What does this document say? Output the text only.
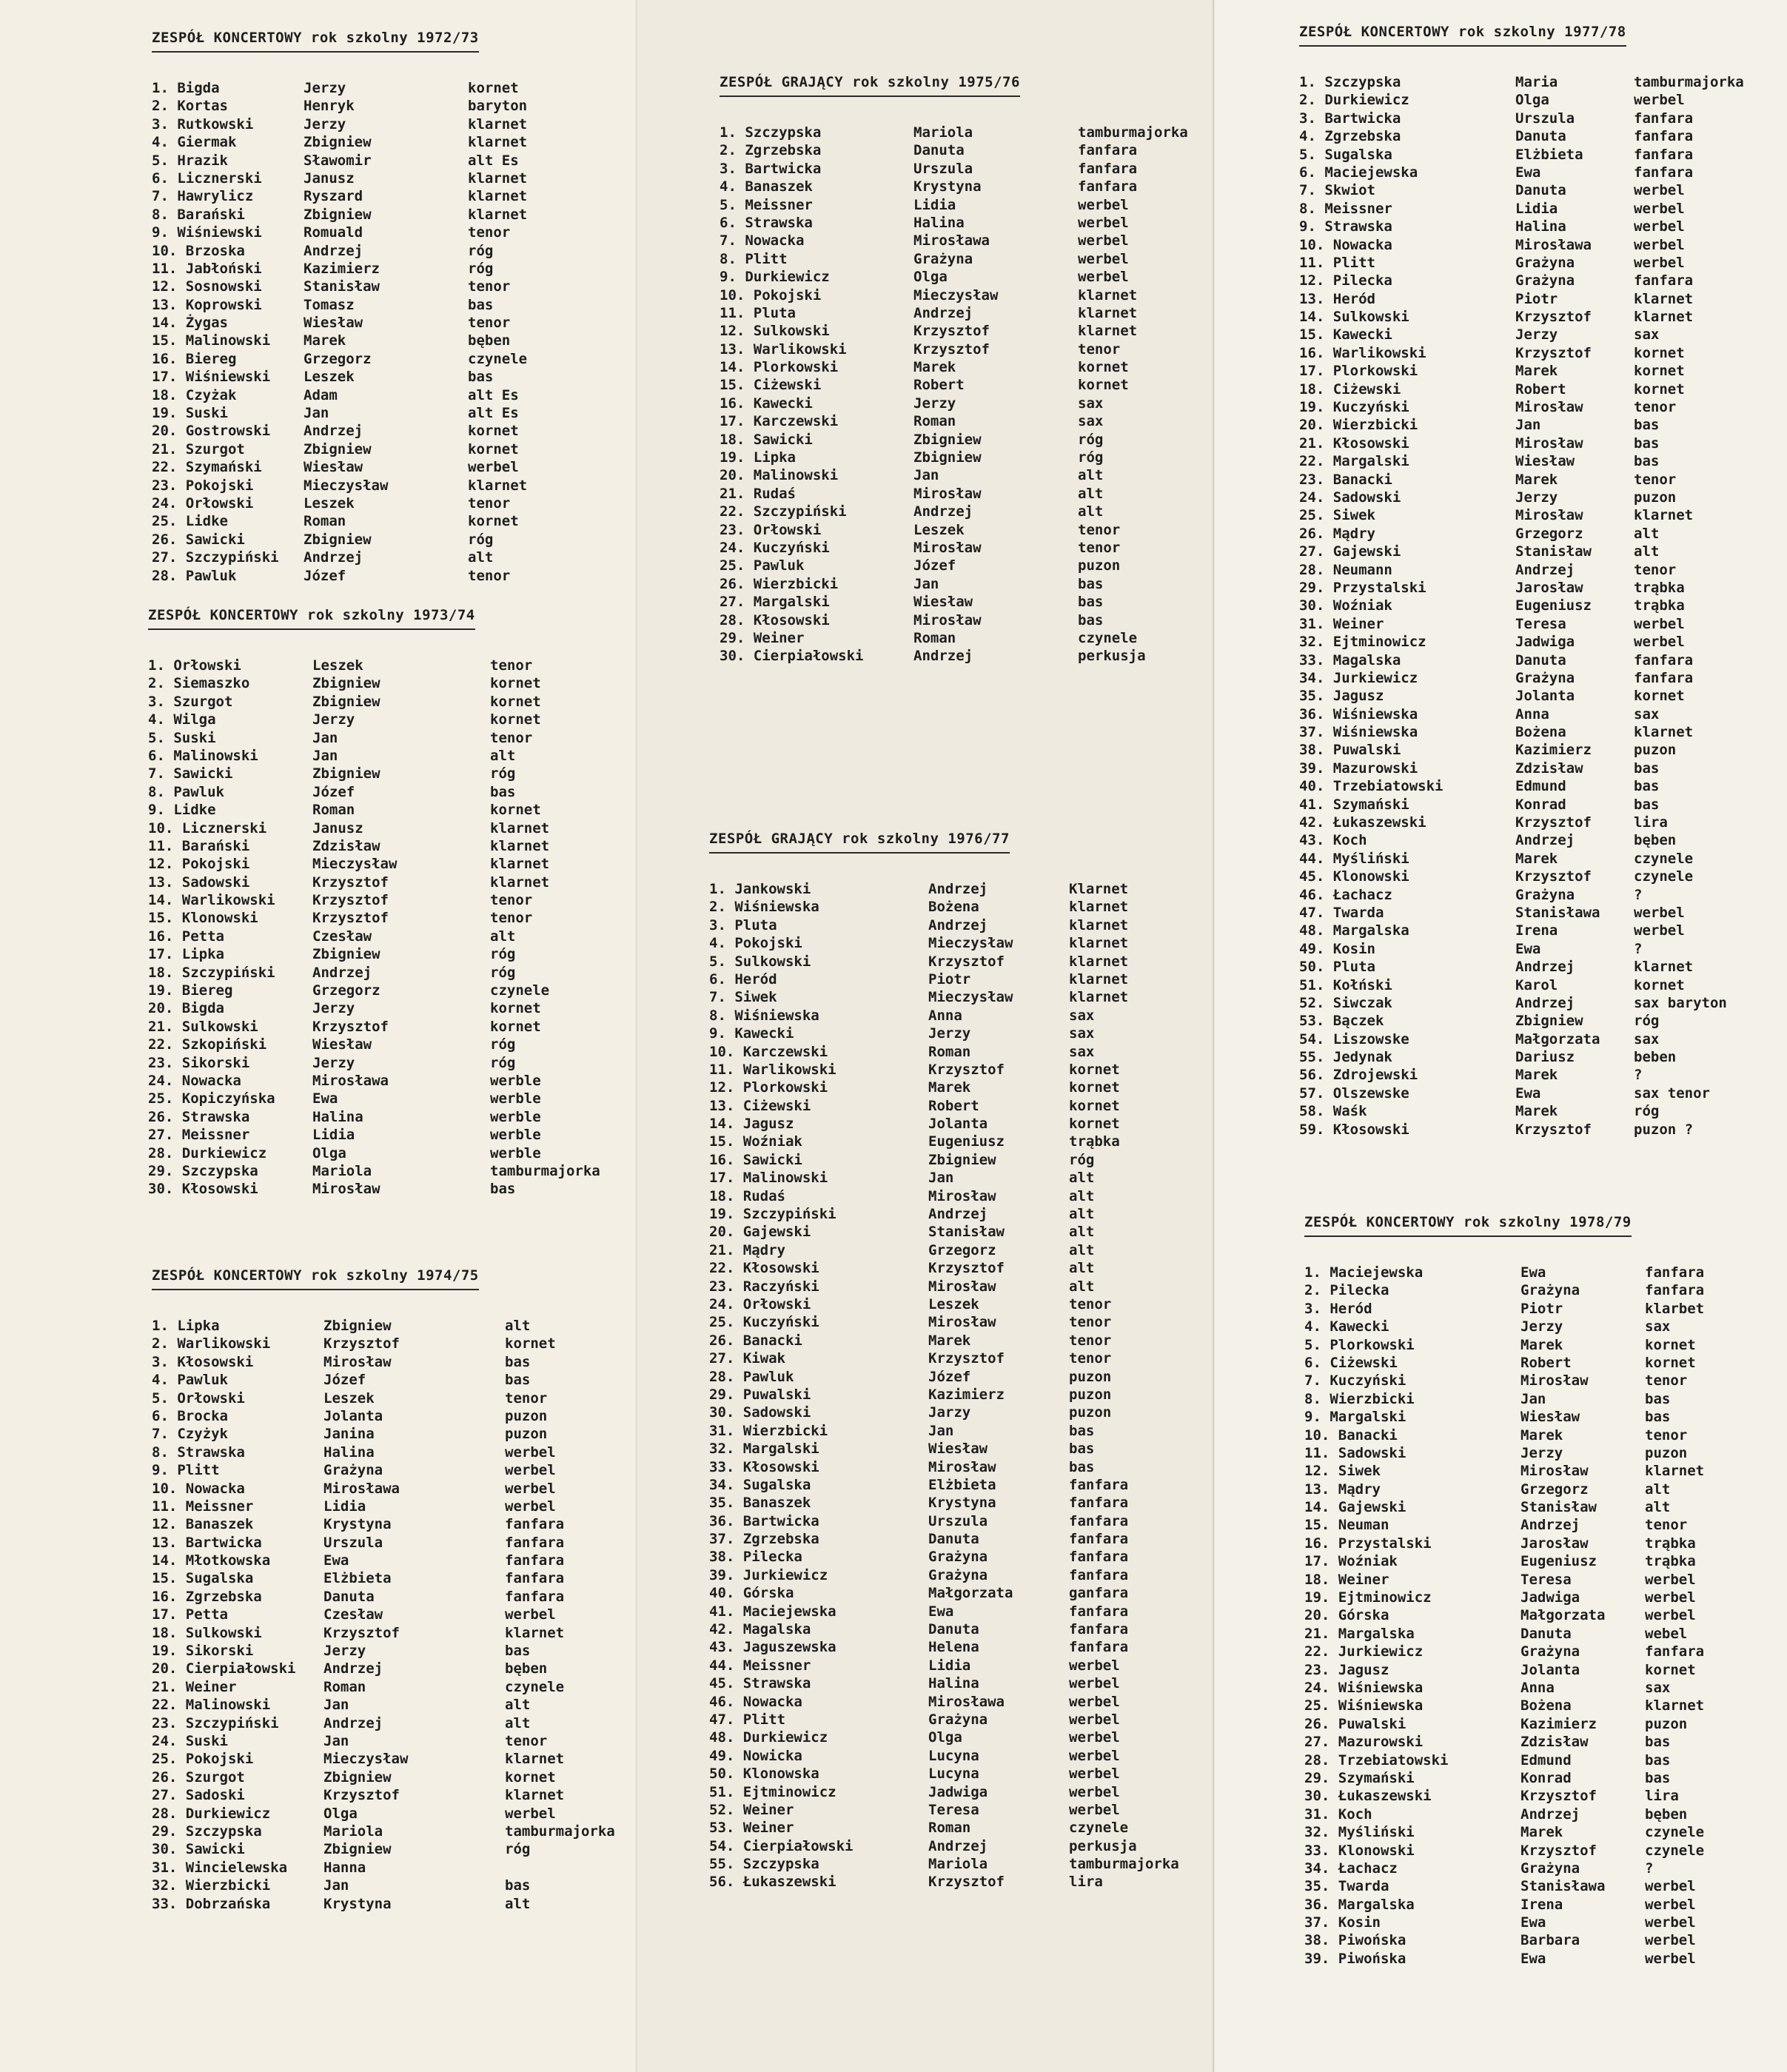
ZESPÓŁ KONCERTOWY rok szkolny 1972/73
1. Bigda	Jerzy	kornet
2. Kortas	Henryk	baryton
3. Rutkowski	Jerzy	klarnet
4. Giermak	Zbigniew	klarnet
5. Hrazik	Sławomir	alt Es
6. Licznerski	Janusz	klarnet
7. Hawrylicz	Ryszard	klarnet
8. Barański	Zbigniew	klarnet
9. Wiśniewski	Romuald	tenor
10. Brzoska	Andrzej	róg
11. Jabłoński	Kazimierz	róg
12. Sosnowski	Stanisław	tenor
13. Koprowski	Tomasz	bas
14. Żygas	Wiesław	tenor
15. Malinowski	Marek	bęben
16. Biereg	Grzegorz	czynele
17. Wiśniewski	Leszek	bas
18. Czyżak	Adam	alt Es
19. Suski	Jan	alt Es
20. Gostrowski	Andrzej	kornet
21. Szurgot	Zbigniew	kornet
22. Szymański	Wiesław	werbel
23. Pokojski	Mieczysław	klarnet
24. Orłowski	Leszek	tenor
25. Lidke	Roman	kornet
26. Sawicki	Zbigniew	róg
27. Szczypiński	Andrzej	alt
28. Pawluk	Józef	tenor
ZESPÓŁ KONCERTOWY rok szkolny 1973/74
1. Orłowski	Leszek	tenor
2. Siemaszko	Zbigniew	kornet
3. Szurgot	Zbigniew	kornet
4. Wilga	Jerzy	kornet
5. Suski	Jan	tenor
6. Malinowski	Jan	alt
7. Sawicki	Zbigniew	róg
8. Pawluk	Józef	bas
9. Lidke	Roman	kornet
10. Licznerski	Janusz	klarnet
11. Barański	Zdzisław	klarnet
12. Pokojski	Mieczysław	klarnet
13. Sadowski	Krzysztof	klarnet
14. Warlikowski	Krzysztof	tenor
15. Klonowski	Krzysztof	tenor
16. Petta	Czesław	alt
17. Lipka	Zbigniew	róg
18. Szczypiński	Andrzej	róg
19. Biereg	Grzegorz	czynele
20. Bigda	Jerzy	kornet
21. Sulkowski	Krzysztof	kornet
22. Szkopiński	Wiesław	róg
23. Sikorski	Jerzy	róg
24. Nowacka	Mirosława	werble
25. Kopiczyńska	Ewa	werble
26. Strawska	Halina	werble
27. Meissner	Lidia	werble
28. Durkiewicz	Olga	werble
29. Szczypska	Mariola	tamburmajorka
30. Kłosowski	Mirosław	bas
ZESPÓŁ KONCERTOWY rok szkolny 1974/75
1. Lipka	Zbigniew	alt
2. Warlikowski	Krzysztof	kornet
3. Kłosowski	Mirosław	bas
4. Pawluk	Józef	bas
5. Orłowski	Leszek	tenor
6. Brocka	Jolanta	puzon
7. Czyżyk	Janina	puzon
8. Strawska	Halina	werbel
9. Plitt	Grażyna	werbel
10. Nowacka	Mirosława	werbel
11. Meissner	Lidia	werbel
12. Banaszek	Krystyna	fanfara
13. Bartwicka	Urszula	fanfara
14. Młotkowska	Ewa	fanfara
15. Sugalska	Elżbieta	fanfara
16. Zgrzebska	Danuta	fanfara
17. Petta	Czesław	werbel
18. Sulkowski	Krzysztof	klarnet
19. Sikorski	Jerzy	bas
20. Cierpiałowski	Andrzej	bęben
21. Weiner	Roman	czynele
22. Malinowski	Jan	alt
23. Szczypiński	Andrzej	alt
24. Suski	Jan	tenor
25. Pokojski	Mieczysław	klarnet
26. Szurgot	Zbigniew	kornet
27. Sadoski	Krzysztof	klarnet
28. Durkiewicz	Olga	werbel
29. Szczypska	Mariola	tamburmajorka
30. Sawicki	Zbigniew	róg
31. Wincielewska	Hanna
32. Wierzbicki	Jan	bas
33. Dobrzańska	Krystyna	alt
ZESPÓŁ GRAJĄCY rok szkolny 1975/76
1. Szczypska	Mariola	tamburmajorka
2. Zgrzebska	Danuta	fanfara
3. Bartwicka	Urszula	fanfara
4. Banaszek	Krystyna	fanfara
5. Meissner	Lidia	werbel
6. Strawska	Halina	werbel
7. Nowacka	Mirosława	werbel
8. Plitt	Grażyna	werbel
9. Durkiewicz	Olga	werbel
10. Pokojski	Mieczysław	klarnet
11. Pluta	Andrzej	klarnet
12. Sulkowski	Krzysztof	klarnet
13. Warlikowski	Krzysztof	tenor
14. Plorkowski	Marek	kornet
15. Ciżewski	Robert	kornet
16. Kawecki	Jerzy	sax
17. Karczewski	Roman	sax
18. Sawicki	Zbigniew	róg
19. Lipka	Zbigniew	róg
20. Malinowski	Jan	alt
21. Rudaś	Mirosław	alt
22. Szczypiński	Andrzej	alt
23. Orłowski	Leszek	tenor
24. Kuczyński	Mirosław	tenor
25. Pawluk	Józef	puzon
26. Wierzbicki	Jan	bas
27. Margalski	Wiesław	bas
28. Kłosowski	Mirosław	bas
29. Weiner	Roman	czynele
30. Cierpiałowski	Andrzej	perkusja
ZESPÓŁ GRAJĄCY rok szkolny 1976/77
1. Jankowski	Andrzej	Klarnet
2. Wiśniewska	Bożena	klarnet
3. Pluta	Andrzej	klarnet
4. Pokojski	Mieczysław	klarnet
5. Sulkowski	Krzysztof	klarnet
6. Heród	Piotr	klarnet
7. Siwek	Mieczysław	klarnet
8. Wiśniewska	Anna	sax
9. Kawecki	Jerzy	sax
10. Karczewski	Roman	sax
11. Warlikowski	Krzysztof	kornet
12. Plorkowski	Marek	kornet
13. Ciżewski	Robert	kornet
14. Jagusz	Jolanta	kornet
15. Woźniak	Eugeniusz	trąbka
16. Sawicki	Zbigniew	róg
17. Malinowski	Jan	alt
18. Rudaś	Mirosław	alt
19. Szczypiński	Andrzej	alt
20. Gajewski	Stanisław	alt
21. Mądry	Grzegorz	alt
22. Kłosowski	Krzysztof	alt
23. Raczyński	Mirosław	alt
24. Orłowski	Leszek	tenor
25. Kuczyński	Mirosław	tenor
26. Banacki	Marek	tenor
27. Kiwak	Krzysztof	tenor
28. Pawluk	Józef	puzon
29. Puwalski	Kazimierz	puzon
30. Sadowski	Jarzy	puzon
31. Wierzbicki	Jan	bas
32. Margalski	Wiesław	bas
33. Kłosowski	Mirosław	bas
34. Sugalska	Elżbieta	fanfara
35. Banaszek	Krystyna	fanfara
36. Bartwicka	Urszula	fanfara
37. Zgrzebska	Danuta	fanfara
38. Pilecka	Grażyna	fanfara
39. Jurkiewicz	Grażyna	fanfara
40. Górska	Małgorzata	ganfara
41. Maciejewska	Ewa	fanfara
42. Magalska	Danuta	fanfara
43. Jaguszewska	Helena	fanfara
44. Meissner	Lidia	werbel
45. Strawska	Halina	werbel
46. Nowacka	Mirosława	werbel
47. Plitt	Grażyna	werbel
48. Durkiewicz	Olga	werbel
49. Nowicka	Lucyna	werbel
50. Klonowska	Lucyna	werbel
51. Ejtminowicz	Jadwiga	werbel
52. Weiner	Teresa	werbel
53. Weiner	Roman	czynele
54. Cierpiałowski	Andrzej	perkusja
55. Szczypska	Mariola	tamburmajorka
56. Łukaszewski	Krzysztof	lira
ZESPÓŁ KONCERTOWY rok szkolny 1977/78
1. Szczypska	Maria	tamburmajorka
2. Durkiewicz	Olga	werbel
3. Bartwicka	Urszula	fanfara
4. Zgrzebska	Danuta	fanfara
5. Sugalska	Elżbieta	fanfara
6. Maciejewska	Ewa	fanfara
7. Skwiot	Danuta	werbel
8. Meissner	Lidia	werbel
9. Strawska	Halina	werbel
10. Nowacka	Mirosława	werbel
11. Plitt	Grażyna	werbel
12. Pilecka	Grażyna	fanfara
13. Heród	Piotr	klarnet
14. Sulkowski	Krzysztof	klarnet
15. Kawecki	Jerzy	sax
16. Warlikowski	Krzysztof	kornet
17. Plorkowski	Marek	kornet
18. Ciżewski	Robert	kornet
19. Kuczyński	Mirosław	tenor
20. Wierzbicki	Jan	bas
21. Kłosowski	Mirosław	bas
22. Margalski	Wiesław	bas
23. Banacki	Marek	tenor
24. Sadowski	Jerzy	puzon
25. Siwek	Mirosław	klarnet
26. Mądry	Grzegorz	alt
27. Gajewski	Stanisław	alt
28. Neumann	Andrzej	tenor
29. Przystalski	Jarosław	trąbka
30. Woźniak	Eugeniusz	trąbka
31. Weiner	Teresa	werbel
32. Ejtminowicz	Jadwiga	werbel
33. Magalska	Danuta	fanfara
34. Jurkiewicz	Grażyna	fanfara
35. Jagusz	Jolanta	kornet
36. Wiśniewska	Anna	sax
37. Wiśniewska	Bożena	klarnet
38. Puwalski	Kazimierz	puzon
39. Mazurowski	Zdzisław	bas
40. Trzebiatowski	Edmund	bas
41. Szymański	Konrad	bas
42. Łukaszewski	Krzysztof	lira
43. Koch	Andrzej	bęben
44. Myśliński	Marek	czynele
45. Klonowski	Krzysztof	czynele
46. Łachacz	Grażyna	?
47. Twarda	Stanisława	werbel
48. Margalska	Irena	werbel
49. Kosin	Ewa	?
50. Pluta	Andrzej	klarnet
51. Kołński	Karol	kornet
52. Siwczak	Andrzej	sax baryton
53. Bączek	Zbigniew	róg
54. Liszowske	Małgorzata	sax
55. Jedynak	Dariusz	beben
56. Zdrojewski	Marek	?
57. Olszewske	Ewa	sax tenor
58. Waśk	Marek	róg
59. Kłosowski	Krzysztof	puzon ?
ZESPÓŁ KONCERTOWY rok szkolny 1978/79
1. Maciejewska	Ewa	fanfara
2. Pilecka	Grażyna	fanfara
3. Heród	Piotr	klarbet
4. Kawecki	Jerzy	sax
5. Plorkowski	Marek	kornet
6. Ciżewski	Robert	kornet
7. Kuczyński	Mirosław	tenor
8. Wierzbicki	Jan	bas
9. Margalski	Wiesław	bas
10. Banacki	Marek	tenor
11. Sadowski	Jerzy	puzon
12. Siwek	Mirosław	klarnet
13. Mądry	Grzegorz	alt
14. Gajewski	Stanisław	alt
15. Neuman	Andrzej	tenor
16. Przystalski	Jarosław	trąbka
17. Woźniak	Eugeniusz	trąbka
18. Weiner	Teresa	werbel
19. Ejtminowicz	Jadwiga	werbel
20. Górska	Małgorzata	werbel
21. Margalska	Danuta	webel
22. Jurkiewicz	Grażyna	fanfara
23. Jagusz	Jolanta	kornet
24. Wiśniewska	Anna	sax
25. Wiśniewska	Bożena	klarnet
26. Puwalski	Kazimierz	puzon
27. Mazurowski	Zdzisław	bas
28. Trzebiatowski	Edmund	bas
29. Szymański	Konrad	bas
30. Łukaszewski	Krzysztof	lira
31. Koch	Andrzej	bęben
32. Myśliński	Marek	czynele
33. Klonowski	Krzysztof	czynele
34. Łachacz	Grażyna	?
35. Twarda	Stanisława	werbel
36. Margalska	Irena	werbel
37. Kosin	Ewa	werbel
38. Piwońska	Barbara	werbel
39. Piwońska	Ewa	werbel
